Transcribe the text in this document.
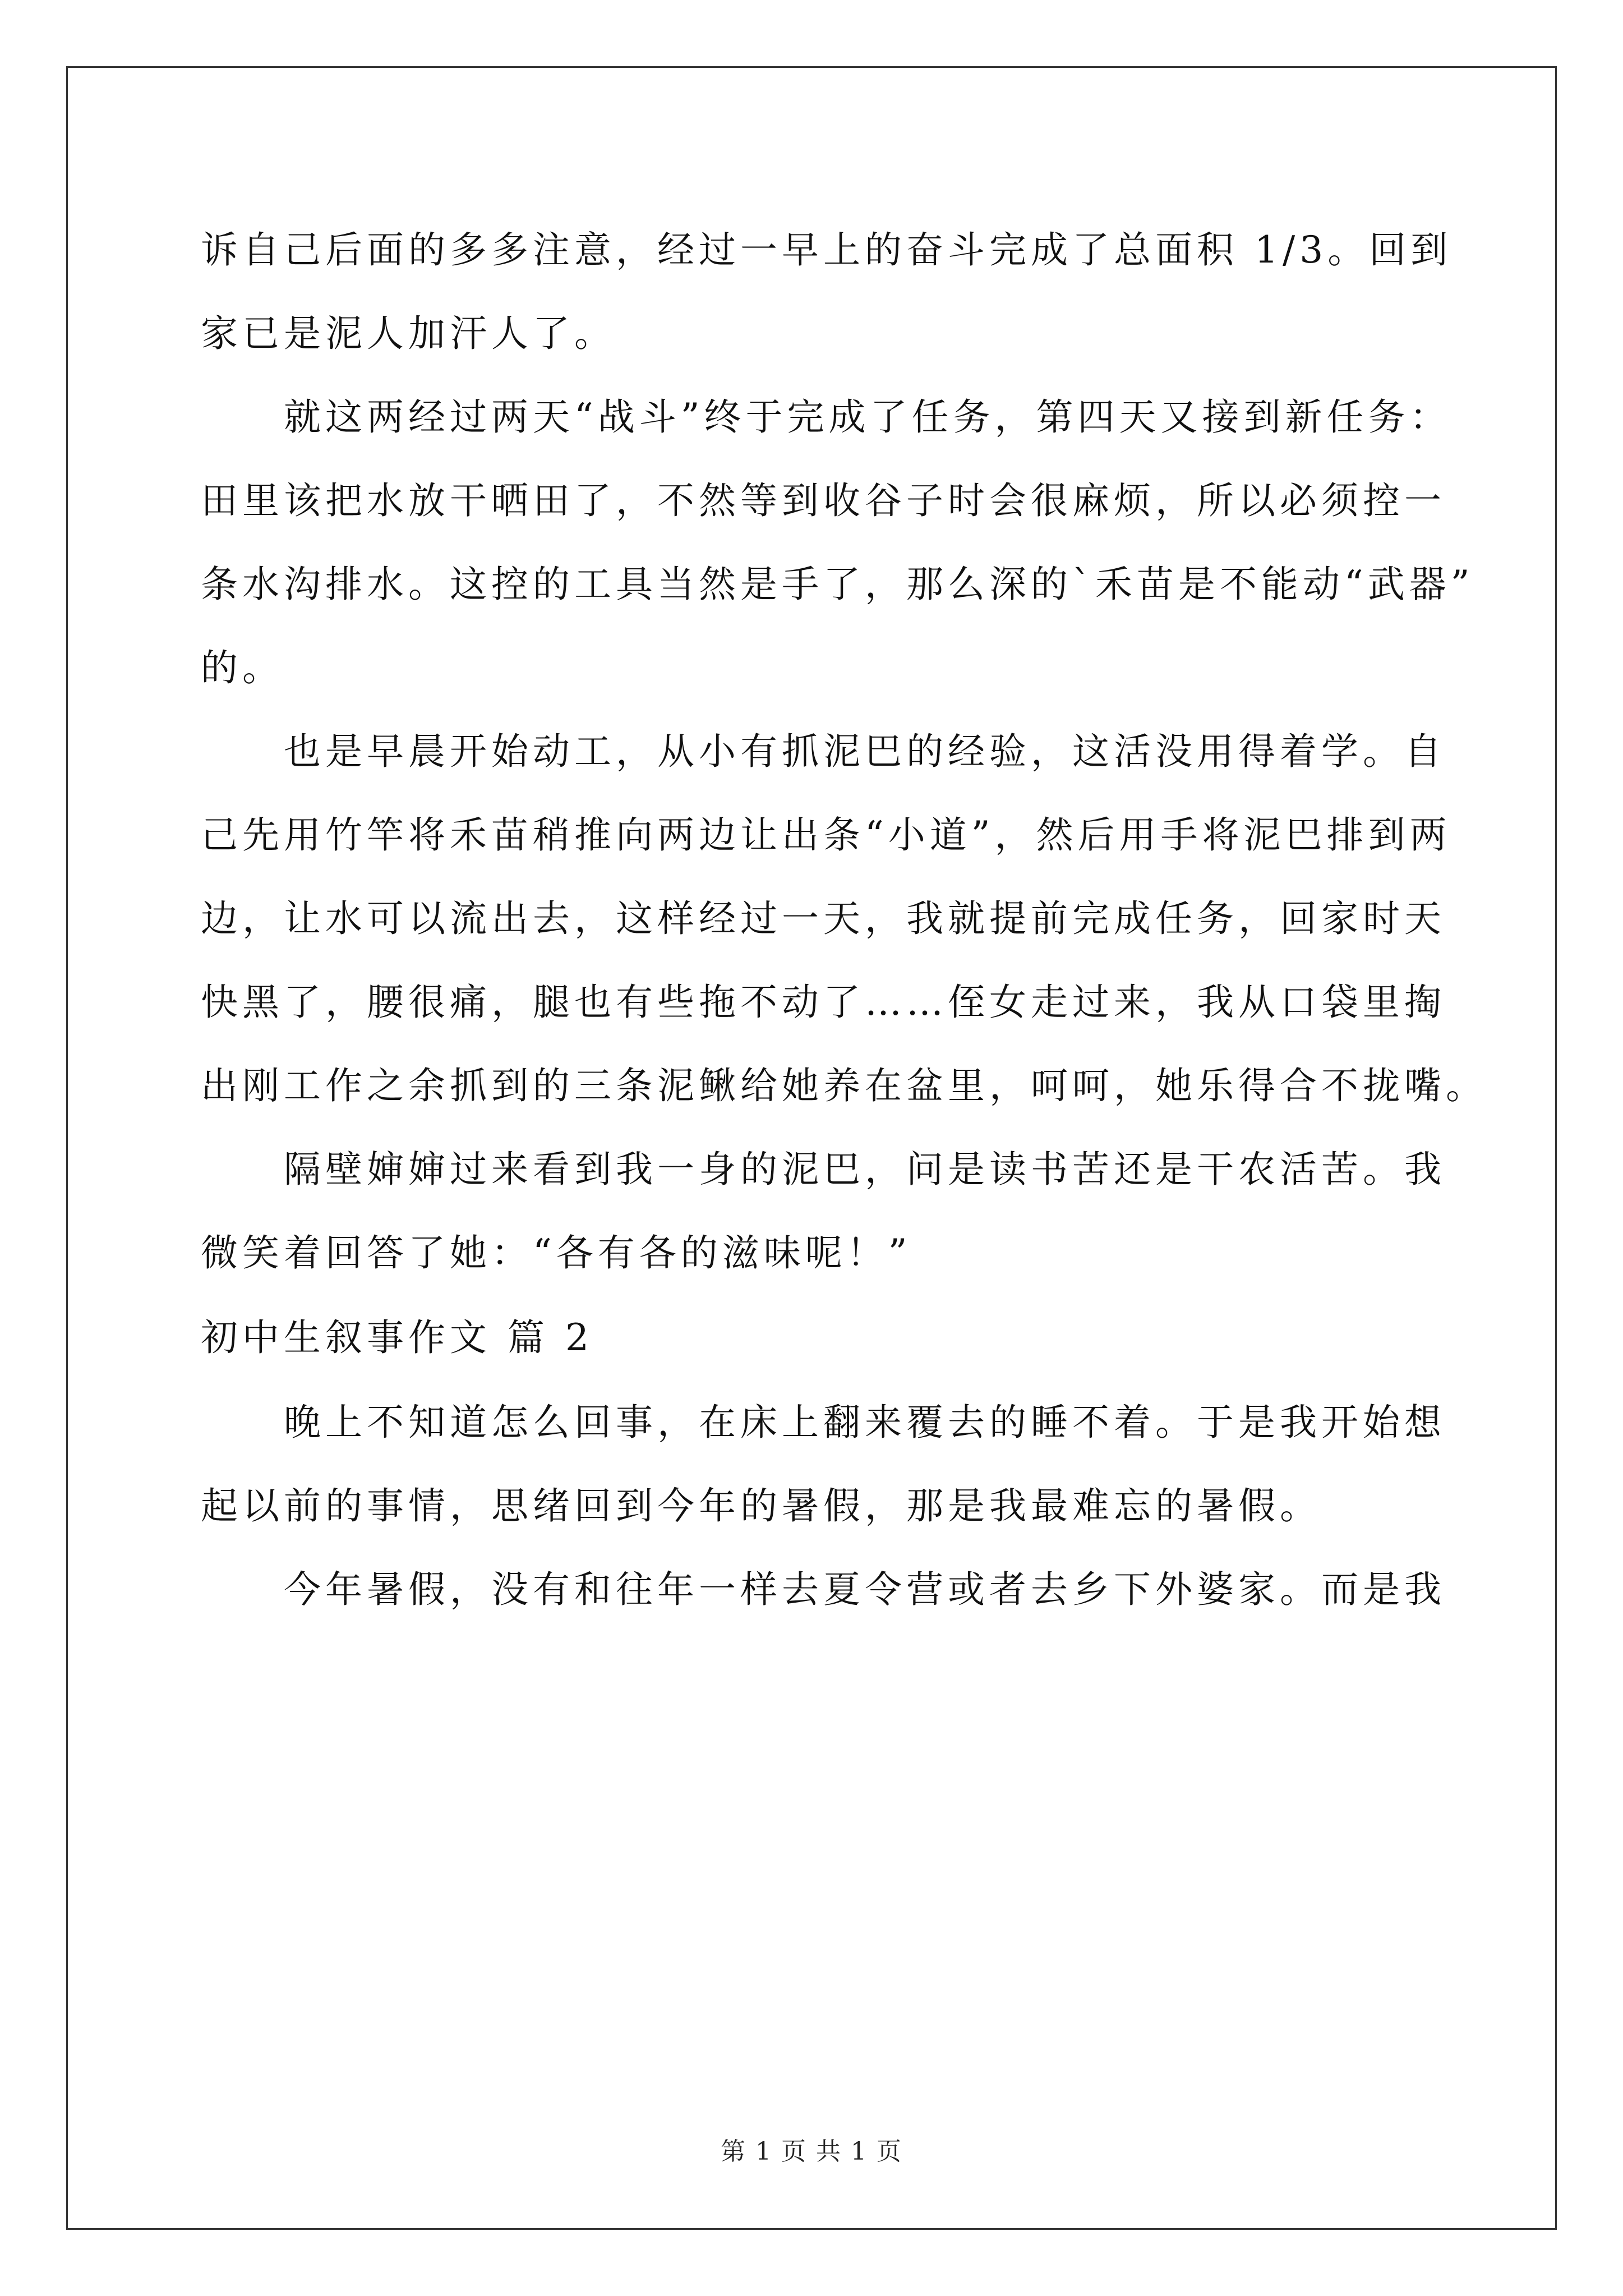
诉自己后面的多多注意，经过一早上的奋斗完成了总面积 1/3。回到
家已是泥人加汗人了。
就这两经过两天“战斗”终于完成了任务，第四天又接到新任务：
田里该把水放干晒田了，不然等到收谷子时会很麻烦，所以必须控一
条水沟排水。这控的工具当然是手了，那么深的`禾苗是不能动“武器”
的。
也是早晨开始动工，从小有抓泥巴的经验，这活没用得着学。自
己先用竹竿将禾苗稍推向两边让出条“小道”，然后用手将泥巴排到两
边，让水可以流出去，这样经过一天，我就提前完成任务，回家时天
快黑了，腰很痛，腿也有些拖不动了……侄女走过来，我从口袋里掏
出刚工作之余抓到的三条泥鳅给她养在盆里，呵呵，她乐得合不拢嘴。
隔壁婶婶过来看到我一身的泥巴，问是读书苦还是干农活苦。我
微笑着回答了她：“各有各的滋味呢！”
初中生叙事作文 篇 2
晚上不知道怎么回事，在床上翻来覆去的睡不着。于是我开始想
起以前的事情，思绪回到今年的暑假，那是我最难忘的暑假。
今年暑假，没有和往年一样去夏令营或者去乡下外婆家。而是我
第 1 页 共 1 页
